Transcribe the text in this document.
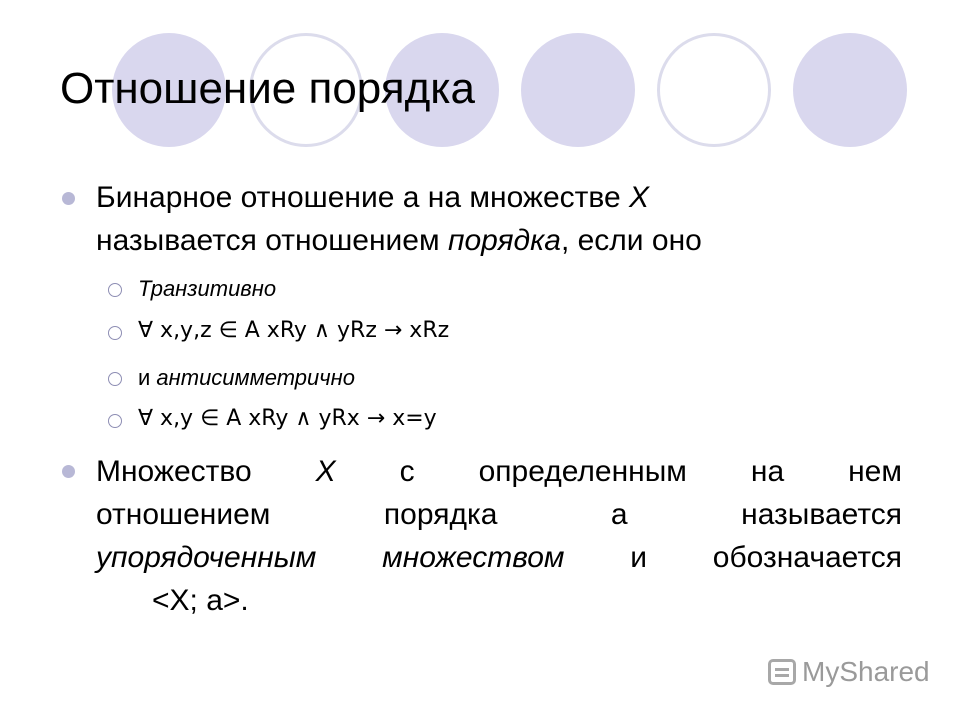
Отношение порядка
Бинарное отношение а на множестве X
называется отношением порядка, если оно
Транзитивно
∀ x,y,z ∈ A xRy ∧ yRz → xRz
и антисимметрично
∀ x,y ∈ A xRy ∧ yRx → x=y
Множество X с определенным на нем
отношением порядка а называется
упорядоченным множеством и обозначается
<X; a>.
MyShared
